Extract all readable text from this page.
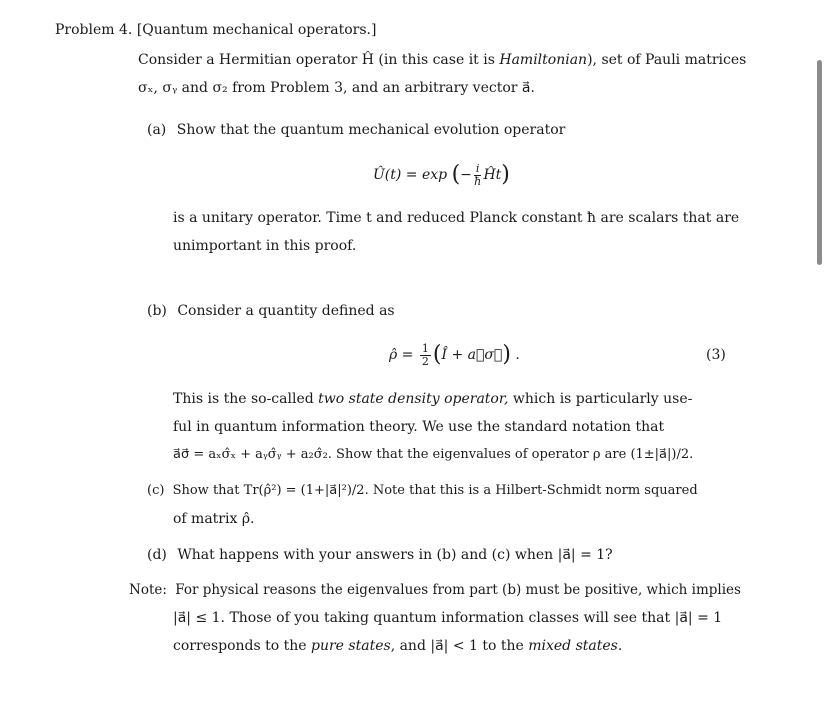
Problem 4. [Quantum mechanical operators.]
Consider a Hermitian operator Ĥ (in this case it is Hamiltonian), set of Pauli matrices
σₓ, σᵧ and σ₂ from Problem 3, and an arbitrary vector a⃗.
(a) Show that the quantum mechanical evolution operator
Û(t) = exp (− $\frac{i}{ħ}$ Ĥt)
is a unitary operator. Time t and reduced Planck constant ħ are scalars that are
unimportant in this proof.
(b) Consider a quantity defined as
ρ̂ = $\frac{1}{2}$ (Î + a⃗σ⃗) .	(3)
This is the so-called two state density operator, which is particularly use-
ful in quantum information theory. We use the standard notation that
a⃗σ⃗ = aₓσ̂ₓ + aᵧσ̂ᵧ + a₂σ̂₂. Show that the eigenvalues of operator ρ are (1±|a⃗|)/2.
(c) Show that Tr(ρ̂²) = (1+|a⃗|²)/2. Note that this is a Hilbert-Schmidt norm squared
of matrix ρ̂.
(d) What happens with your answers in (b) and (c) when |a⃗| = 1?
Note: For physical reasons the eigenvalues from part (b) must be positive, which implies
|a⃗| ≤ 1. Those of you taking quantum information classes will see that |a⃗| = 1
corresponds to the pure states, and |a⃗| < 1 to the mixed states.
